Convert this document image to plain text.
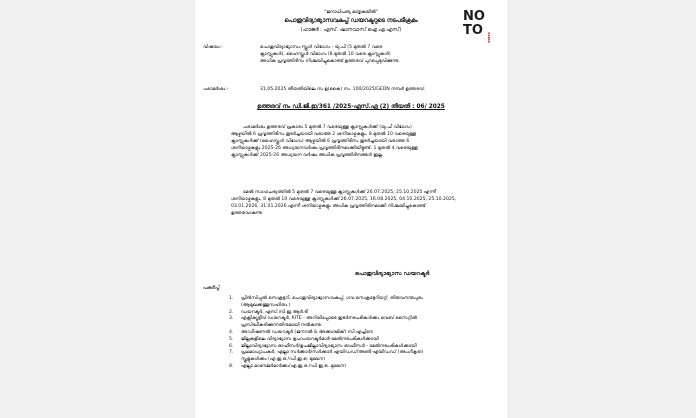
"ജനാധിപത്യ മാതൃകയിൽ"
പൊതുവിദ്യാഭ്യാസവകുപ്പ് ഡയറക്ടറുടെ നടപടിക്രമം
(ഹാജർ : എസ്. ഷാനവാസ് ഐ.എ.എസ്)
NO
TO PRESS
വിഷയം:-	പൊതുവിദ്യാഭ്യാസം-സ്കൂൾ വിഭാഗം - യു.പി (5 മുതൽ 7 വരെ
ക്ലാസ്സുകൾ), ഹൈസ്കൂൾ വിഭാഗം (8 മുതൽ 10 വരെ ക്ലാസ്സുകൾ)
അധിക പ്രവൃത്തിദിനം നിശ്ചയിച്ചുകൊണ്ട് ഉത്തരവ് പുറപ്പെടുവിക്കുന്നു.
പരാമർശം:-	31.05.2025 തീയതിയിലെ സ.ഉ(കൈ) നം. 100/2025/GEDN നമ്പർ ഉത്തരവ്.
ഉത്തരവ് നം ഡി.ജി.ഇ/361 /2025-എസ്.എ (2) തീയതി : 06/ 2025
പരാമർശം ഉത്തരവ് പ്രകാരം 5 മുതൽ 7 വരെയുള്ള ക്ലാസ്സുകൾക്ക് (യു.പി വിഭാഗം)
ആഴ്ചയിൽ 6 പ്രവൃത്തിദിനം തുടർച്ചയായി വരാത്ത 2 ശനിയാഴ്ചകളും, 8 മുതൽ 10 വരെയുള്ള
ക്ലാസ്സുകൾക്ക് (ഹൈസ്കൂൾ വിഭാഗം) ആഴ്ചയിൽ 6 പ്രവൃത്തിദിനം തുടർച്ചയായി വരാത്ത 6
ശനിയാഴ്ചകളും 2025-26 അധ്യയനവർഷം പ്രവൃത്തിദിനമാക്കിയിട്ടുണ്ട്. 1 മുതൽ 4 വരെയുള്ള
ക്ലാസ്സുകൾക്ക് 2025-26 അധ്യയന വർഷം അധിക പ്രവൃത്തിദിനങ്ങൾ ഇല്ല.
മേൽ സാഹചര്യത്തിൽ 5 മുതൽ 7 വരെയുള്ള ക്ലാസ്സുകൾക്ക് 26.07.2025, 25.10.2025 എന്നീ
ശനിയാഴ്ചകളും, 8 മുതൽ 10 വരെയുള്ള ക്ലാസ്സുകൾക്ക് 26.07.2025, 16.08.2025, 04.10.2025, 25.10.2025,
03.01.2026, 31.01.2026 എന്നീ ശനിയാഴ്ചകളും അധിക പ്രവൃത്തിദിനമാക്കി നിശ്ചയിച്ചുകൊണ്ട്
ഉത്തരവാകുന്നു.
പൊതുവിദ്യാഭ്യാസ ഡയറക്ടർ
പകർപ്പ്
1. പ്രിൻസിപ്പൽ സെക്രട്ടറി, പൊതുവിദ്യാഭ്യാസവകുപ്പ്, ഗവ.സെക്രട്ടേറിയറ്റ്, തിരുവനന്തപുരം
(ആമുഖക്കത്തുസഹിതം )
2. ഡയറക്ടർ, എസ്.സി.ഇ.ആർ.ടി
3. എക്സിക്യൂട്ടീവ് ഡയറക്ടർ, KITE - അറിയിപ്പോടെ ഇടർനടപടികൾക്കം വെബ് സൈറ്റിൽ
പ്രസിദ്ധീകരിക്കുന്നതിനുമായി നൽകുന്നു.
4. അഡീഷണൽ ഡയറക്ടർ (ജനറൽ & അക്കാദമിക്) സി.എച്ചിനേ
5. ജില്ലകളിലെ വിദ്യാഭ്യാസ ഉപഡയറക്ടർമാർ-മേൽനടപടികൾക്കായി
6. ജില്ലാവിദ്യാഭ്യാസ ഓഫീസർ/ഉപജില്ലാവിദ്യാഭ്യാസ ഓഫീസർ - മേൽനടപടികൾക്കായി
7. പ്രഥമാധ്യാപകർ, എല്ലാ സർക്കാർ/സർക്കാർ എയിഡഡ്/അൺ-എയിഡഡ് (അംഗീകൃത)
സ്കൂളുകൾക്കം (എ.ഇ.ഒ./ഡി.ഇ.ഒ. മുഖേന)
8. എല്ലാ മാനേജർമാർക്കം(എ.ഇ.ഒ./ഡി.ഇ.ഒ. മുഖേന)
